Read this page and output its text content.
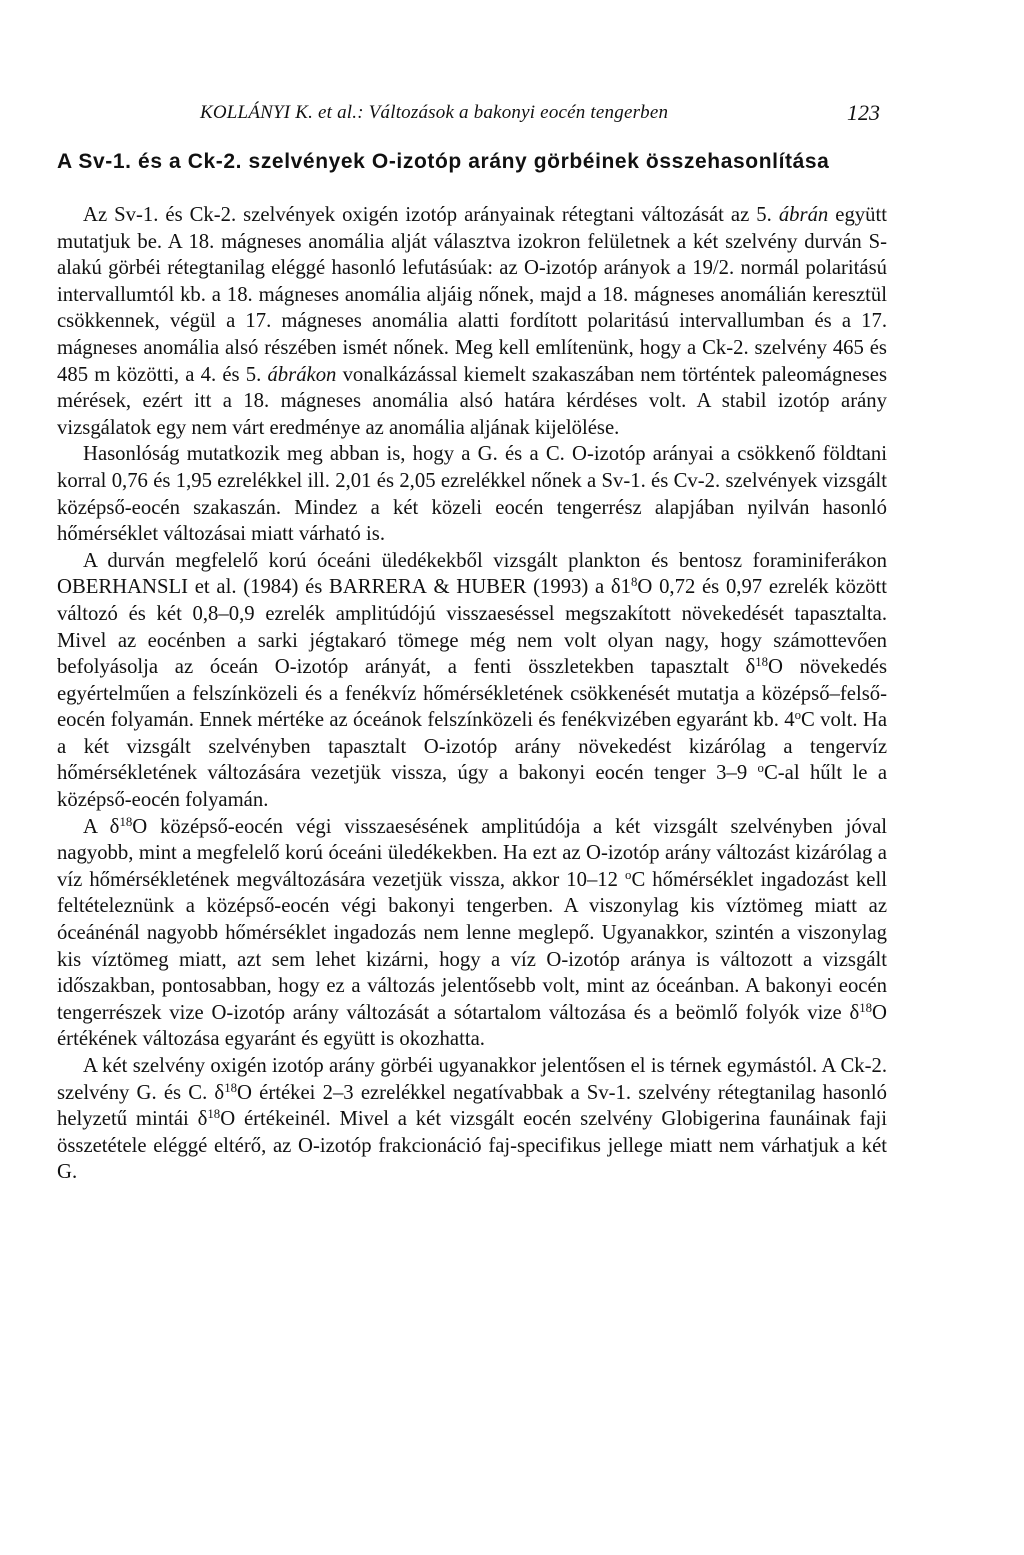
KOLLÁNYI K. et al.: Változások a bakonyi eocén tengerben	123
A Sv-1. és a Ck-2. szelvények O-izotóp arány görbéinek összehasonlítása

Az Sv-1. és Ck-2. szelvények oxigén izotóp arányainak rétegtani változását az 5. ábrán együtt mutatjuk be. A 18. mágneses anomália alját választva izokron felületnek a két szelvény durván S-alakú görbéi rétegtanilag eléggé hasonló lefutásúak: az O-izotóp arányok a 19/2. normál polaritású intervallumtól kb. a 18. mágneses anomália aljáig nőnek, majd a 18. mágneses anomálián keresztül csökkennek, végül a 17. mágneses anomália alatti fordított polaritású intervallumban és a 17. mágneses anomália alsó részében ismét nőnek. Meg kell említenünk, hogy a Ck-2. szelvény 465 és 485 m közötti, a 4. és 5. ábrákon vonalkázással kiemelt szakaszában nem történtek paleomágneses mérések, ezért itt a 18. mágneses anomália alsó határa kérdéses volt. A stabil izotóp arány vizsgálatok egy nem várt eredménye az anomália aljának kijelölése.

Hasonlóság mutatkozik meg abban is, hogy a G. és a C. O-izotóp arányai a csökkenő földtani korral 0,76 és 1,95 ezrelékkel ill. 2,01 és 2,05 ezrelékkel nőnek a Sv-1. és Cv-2. szelvények vizsgált középső-eocén szakaszán. Mindez a két közeli eocén tengerrész alapjában nyilván hasonló hőmérséklet változásai miatt várható is.

A durván megfelelő korú óceáni üledékekből vizsgált plankton és bentosz foraminiferákon OBERHANSLI et al. (1984) és BARRERA & HUBER (1993) a $\delta 1^8O$ 0,72 és 0,97 ezrelék között változó és két 0,8–0,9 ezrelék amplitúdójú visszaeséssel megszakított növekedését tapasztalta. Mivel az eocénben a sarki jégtakaró tömege még nem volt olyan nagy, hogy számottevően befolyásolja az óceán O-izotóp arányát, a fenti összletekben tapasztalt $\delta^{18}O$ növekedés egyértelműen a felszínközeli és a fenékvíz hőmérsékletének csökkenését mutatja a középső–felső-eocén folyamán. Ennek mértéke az óceánok felszínközeli és fenékvizében egyaránt kb. 4$^o$C volt. Ha a két vizsgált szelvényben tapasztalt O-izotóp arány növekedést kizárólag a tengervíz hőmérsékletének változására vezetjük vissza, úgy a bakonyi eocén tenger 3–9 $^o$C-al hűlt le a középső-eocén folyamán.

A $\delta^{18}O$ középső-eocén végi visszaesésének amplitúdója a két vizsgált szelvényben jóval nagyobb, mint a megfelelő korú óceáni üledékekben. Ha ezt az O-izotóp arány változást kizárólag a víz hőmérsékletének megváltozására vezetjük vissza, akkor 10–12 $^o$C hőmérséklet ingadozást kell feltételeznünk a középső-eocén végi bakonyi tengerben. A viszonylag kis víztömeg miatt az óceánénál nagyobb hőmérséklet ingadozás nem lenne meglepő. Ugyanakkor, szintén a viszonylag kis víztömeg miatt, azt sem lehet kizárni, hogy a víz O-izotóp aránya is változott a vizsgált időszakban, pontosabban, hogy ez a változás jelentősebb volt, mint az óceánban. A bakonyi eocén tengerrészek vize O-izotóp arány változását a sótartalom változása és a beömlő folyók vize $\delta^{18}O$ értékének változása egyaránt és együtt is okozhatta.

A két szelvény oxigén izotóp arány görbéi ugyanakkor jelentősen el is térnek egymástól. A Ck-2. szelvény G. és C. $\delta^{18}O$ értékei 2–3 ezrelékkel negatívabbak a Sv-1. szelvény rétegtanilag hasonló helyzetű mintái $\delta^{18}O$ értékeinél. Mivel a két vizsgált eocén szelvény Globigerina faunáinak faji összetétele eléggé eltérő, az O-izotóp frakcionáció faj-specifikus jellege miatt nem várhatjuk a két G.
